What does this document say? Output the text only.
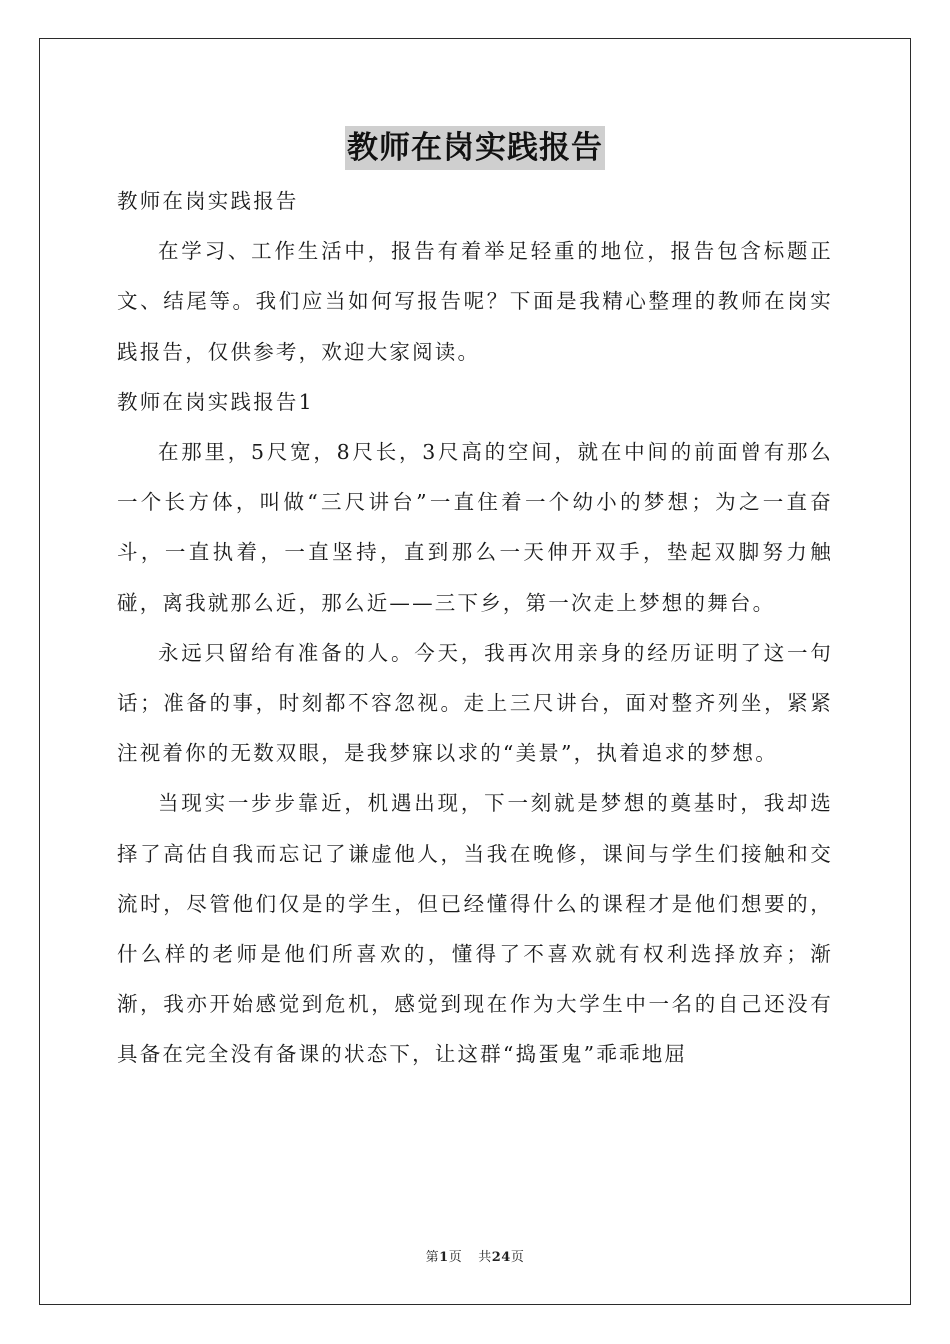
教师在岗实践报告

教师在岗实践报告

在学习、工作生活中，报告有着举足轻重的地位，报告包含标题正文、结尾等。我们应当如何写报告呢？下面是我精心整理的教师在岗实践报告，仅供参考，欢迎大家阅读。

教师在岗实践报告1

在那里，5尺宽，8尺长，3尺高的空间，就在中间的前面曾有那么一个长方体，叫做“三尺讲台”一直住着一个幼小的梦想；为之一直奋斗，一直执着，一直坚持，直到那么一天伸开双手，垫起双脚努力触碰，离我就那么近，那么近——三下乡，第一次走上梦想的舞台。

永远只留给有准备的人。今天，我再次用亲身的经历证明了这一句话；准备的事，时刻都不容忽视。走上三尺讲台，面对整齐列坐，紧紧注视着你的无数双眼，是我梦寐以求的“美景”，执着追求的梦想。

当现实一步步靠近，机遇出现，下一刻就是梦想的奠基时，我却选择了高估自我而忘记了谦虚他人，当我在晚修，课间与学生们接触和交流时，尽管他们仅是的学生，但已经懂得什么的课程才是他们想要的，什么样的老师是他们所喜欢的，懂得了不喜欢就有权利选择放弃；渐渐，我亦开始感觉到危机，感觉到现在作为大学生中一名的自己还没有具备在完全没有备课的状态下，让这群“捣蛋鬼”乖乖地屈

第1页 共24页
